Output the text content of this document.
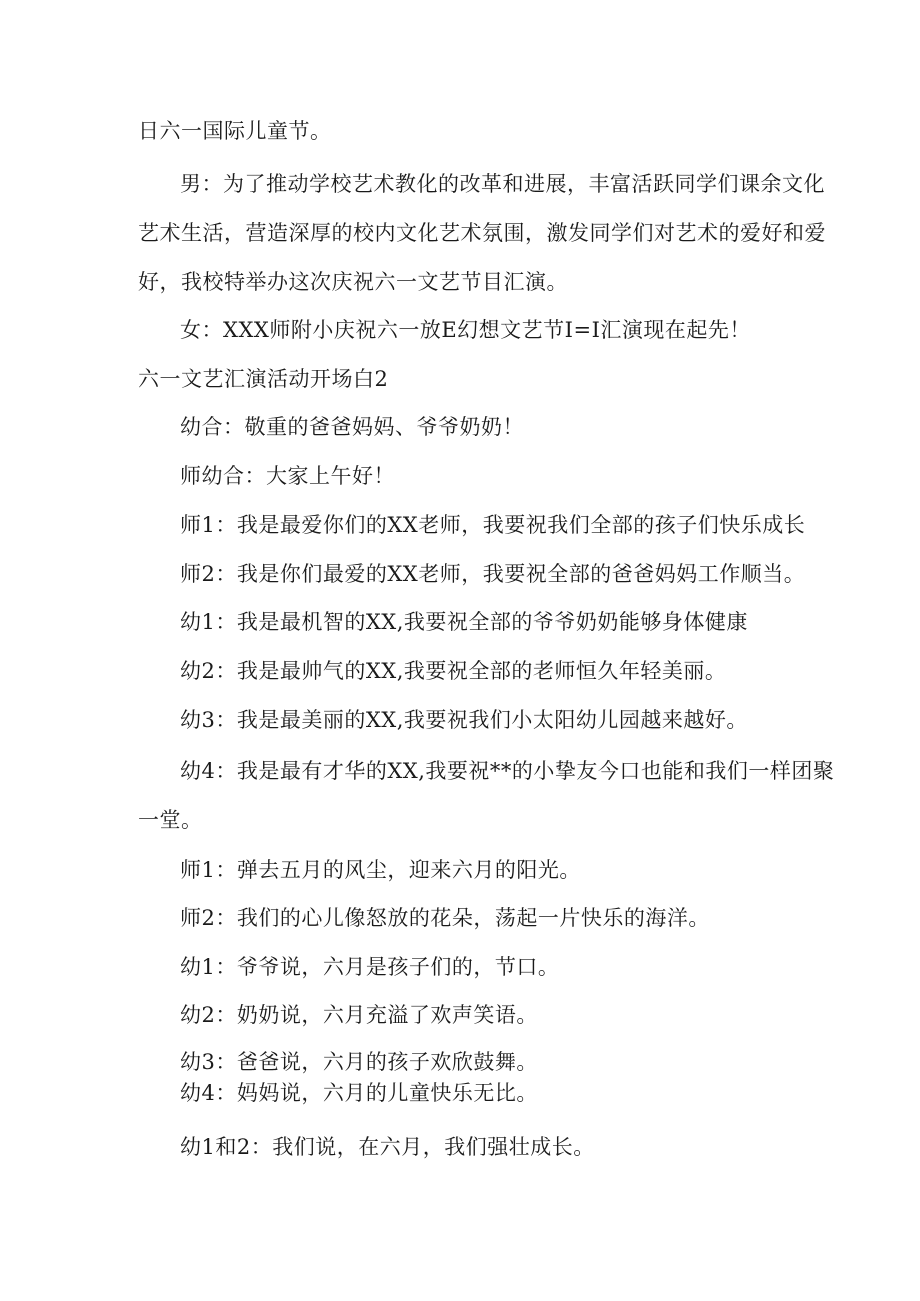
日六一国际儿童节。
男：为了推动学校艺术教化的改革和进展，丰富活跃同学们课余文化
艺术生活，营造深厚的校内文化艺术氛围，激发同学们对艺术的爱好和爱
好，我校特举办这次庆祝六一文艺节目汇演。
女：XXX师附小庆祝六一放E幻想文艺节I=I汇演现在起先！
六一文艺汇演活动开场白2
幼合：敬重的爸爸妈妈、爷爷奶奶！
师幼合：大家上午好！
师1：我是最爱你们的XX老师，我要祝我们全部的孩子们快乐成长
师2：我是你们最爱的XX老师，我要祝全部的爸爸妈妈工作顺当。
幼1：我是最机智的XX,我要祝全部的爷爷奶奶能够身体健康
幼2：我是最帅气的XX,我要祝全部的老师恒久年轻美丽。
幼3：我是最美丽的XX,我要祝我们小太阳幼儿园越来越好。
幼4：我是最有才华的XX,我要祝**的小挚友今口也能和我们一样团聚
一堂。
师1：弹去五月的风尘，迎来六月的阳光。
师2：我们的心儿像怒放的花朵，荡起一片快乐的海洋。
幼1：爷爷说，六月是孩子们的，节口。
幼2：奶奶说，六月充溢了欢声笑语。
幼3：爸爸说，六月的孩子欢欣鼓舞。
幼4：妈妈说，六月的儿童快乐无比。
幼1和2：我们说，在六月，我们强壮成长。
